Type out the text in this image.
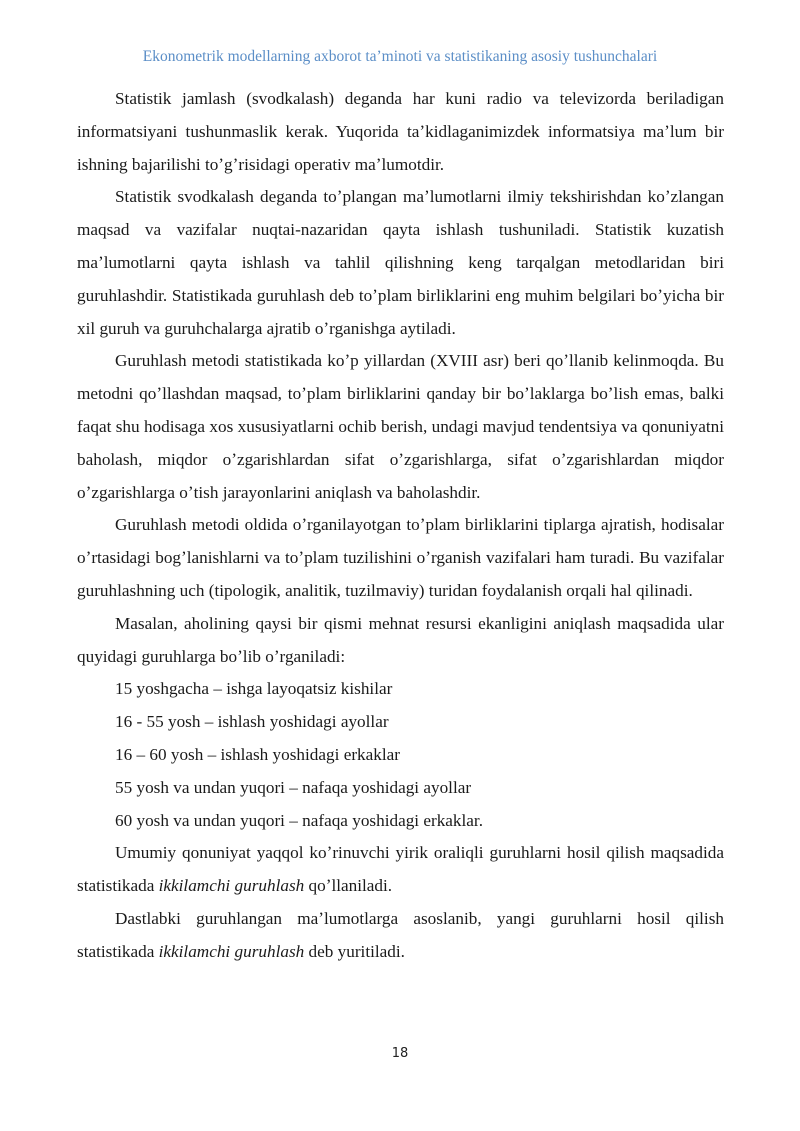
Ekonometrik modellarning axborot taʼminoti va statistikaning asosiy tushunchalari

Statistik jamlash (svodkalash) deganda har kuni radio va televizorda beriladigan informatsiyani tushunmaslik kerak. Yuqorida taʼkidlaganimizdek informatsiya maʼlum bir ishning bajarilishi toʼgʼrisidagi operativ maʼlumotdir.

Statistik svodkalash deganda toʼplangan maʼlumotlarni ilmiy tekshirishdan koʼzlangan maqsad va vazifalar nuqtai-nazaridan qayta ishlash tushuniladi. Statistik kuzatish maʼlumotlarni qayta ishlash va tahlil qilishning keng tarqalgan metodlaridan biri guruhlashdir. Statistikada guruhlash deb toʼplam birliklarini eng muhim belgilari boʼyicha bir xil guruh va guruhchalarga ajratib oʼrganishga aytiladi.

Guruhlash metodi statistikada koʼp yillardan (XVIII asr) beri qoʼllanib kelinmoqda. Bu metodni qoʼllashdan maqsad, toʼplam birliklarini qanday bir boʼlaklarga boʼlish emas, balki faqat shu hodisaga xos xususiyatlarni ochib berish, undagi mavjud tendentsiya va qonuniyatni baholash, miqdor oʼzgarishlardan sifat oʼzgarishlarga, sifat oʼzgarishlardan miqdor oʼzgarishlarga oʼtish jarayonlarini aniqlash va baholashdir.

Guruhlash metodi oldida oʼrganilayotgan toʼplam birliklarini tiplarga ajratish, hodisalar oʼrtasidagi bogʼlanishlarni va toʼplam tuzilishini oʼrganish vazifalari ham turadi. Bu vazifalar guruhlashning uch (tipologik, analitik, tuzilmaviy) turidan foydalanish orqali hal qilinadi.

Masalan, aholining qaysi bir qismi mehnat resursi ekanligini aniqlash maqsadida ular quyidagi guruhlarga boʼlib oʼrganiladi:

15 yoshgacha – ishga layoqatsiz kishilar

16 - 55 yosh – ishlash yoshidagi ayollar

16 – 60 yosh – ishlash yoshidagi erkaklar

55 yosh va undan yuqori – nafaqa yoshidagi ayollar

60 yosh va undan yuqori – nafaqa yoshidagi erkaklar.

Umumiy qonuniyat yaqqol koʼrinuvchi yirik oraliqli guruhlarni hosil qilish maqsadida statistikada ikkilamchi guruhlash qoʼllaniladi.

Dastlabki guruhlangan maʼlumotlarga asoslanib, yangi guruhlarni hosil qilish statistikada ikkilamchi guruhlash deb yuritiladi.

18
